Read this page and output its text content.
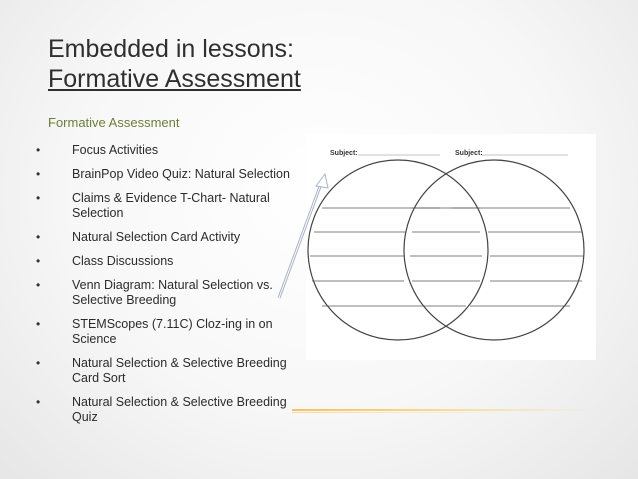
Embedded in lessons:
Formative Assessment
Formative Assessment
•	Focus Activities
•	BrainPop Video Quiz: Natural Selection
•	Claims & Evidence T-Chart- Natural Selection
•	Natural Selection Card Activity
•	Class Discussions
•	Venn Diagram: Natural Selection vs. Selective Breeding
•	STEMScopes (7.11C) Cloz-ing in on Science
•	Natural Selection & Selective Breeding Card Sort
•	Natural Selection & Selective Breeding Quiz
Subject:	Subject:
